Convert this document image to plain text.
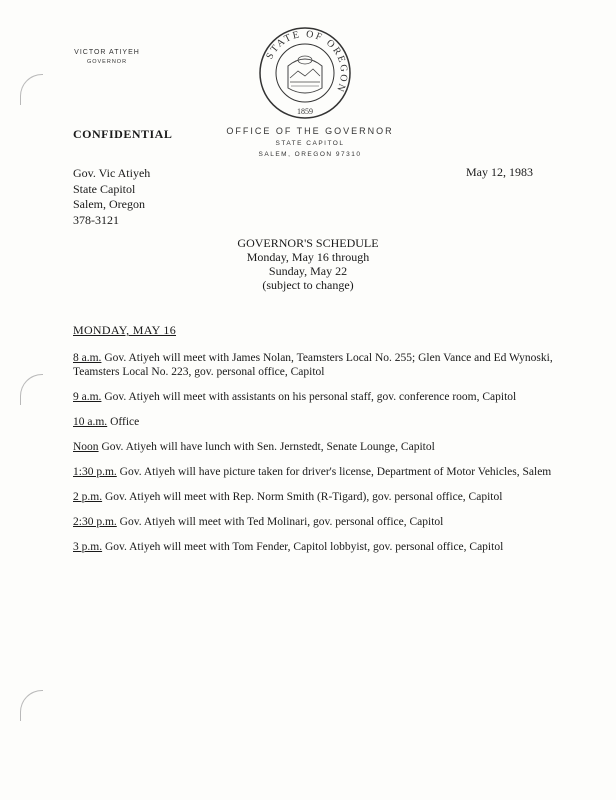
VICTOR ATIYEH
GOVERNOR
STATE OF OREGON
1859
CONFIDENTIAL	OFFICE OF THE GOVERNOR
STATE CAPITOL
SALEM, OREGON 97310
Gov. Vic Atiyeh
State Capitol
Salem, Oregon
378-3121
May 12, 1983
GOVERNOR'S SCHEDULE
Monday, May 16 through
Sunday, May 22
(subject to change)
MONDAY, MAY 16

8 a.m. Gov. Atiyeh will meet with James Nolan, Teamsters Local No. 255; Glen Vance and Ed Wynoski, Teamsters Local No. 223, gov. personal office, Capitol

9 a.m. Gov. Atiyeh will meet with assistants on his personal staff, gov. conference room, Capitol

10 a.m. Office

Noon Gov. Atiyeh will have lunch with Sen. Jernstedt, Senate Lounge, Capitol

1:30 p.m. Gov. Atiyeh will have picture taken for driver's license, Department of Motor Vehicles, Salem

2 p.m. Gov. Atiyeh will meet with Rep. Norm Smith (R-Tigard), gov. personal office, Capitol

2:30 p.m. Gov. Atiyeh will meet with Ted Molinari, gov. personal office, Capitol

3 p.m. Gov. Atiyeh will meet with Tom Fender, Capitol lobbyist, gov. personal office, Capitol
